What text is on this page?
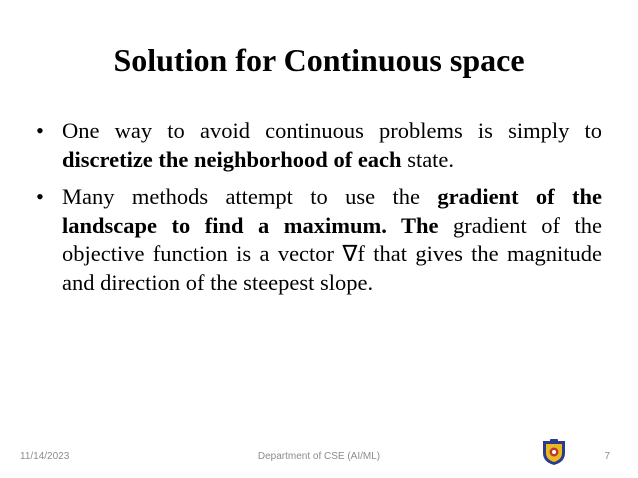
Solution for Continuous space
• One way to avoid continuous problems is simply to discretize the neighborhood of each state.
• Many methods attempt to use the gradient of the landscape to find a maximum. The gradient of the objective function is a vector ∇f that gives the magnitude and direction of the steepest slope.
11/14/2023	Department of CSE (AI/ML)	7
